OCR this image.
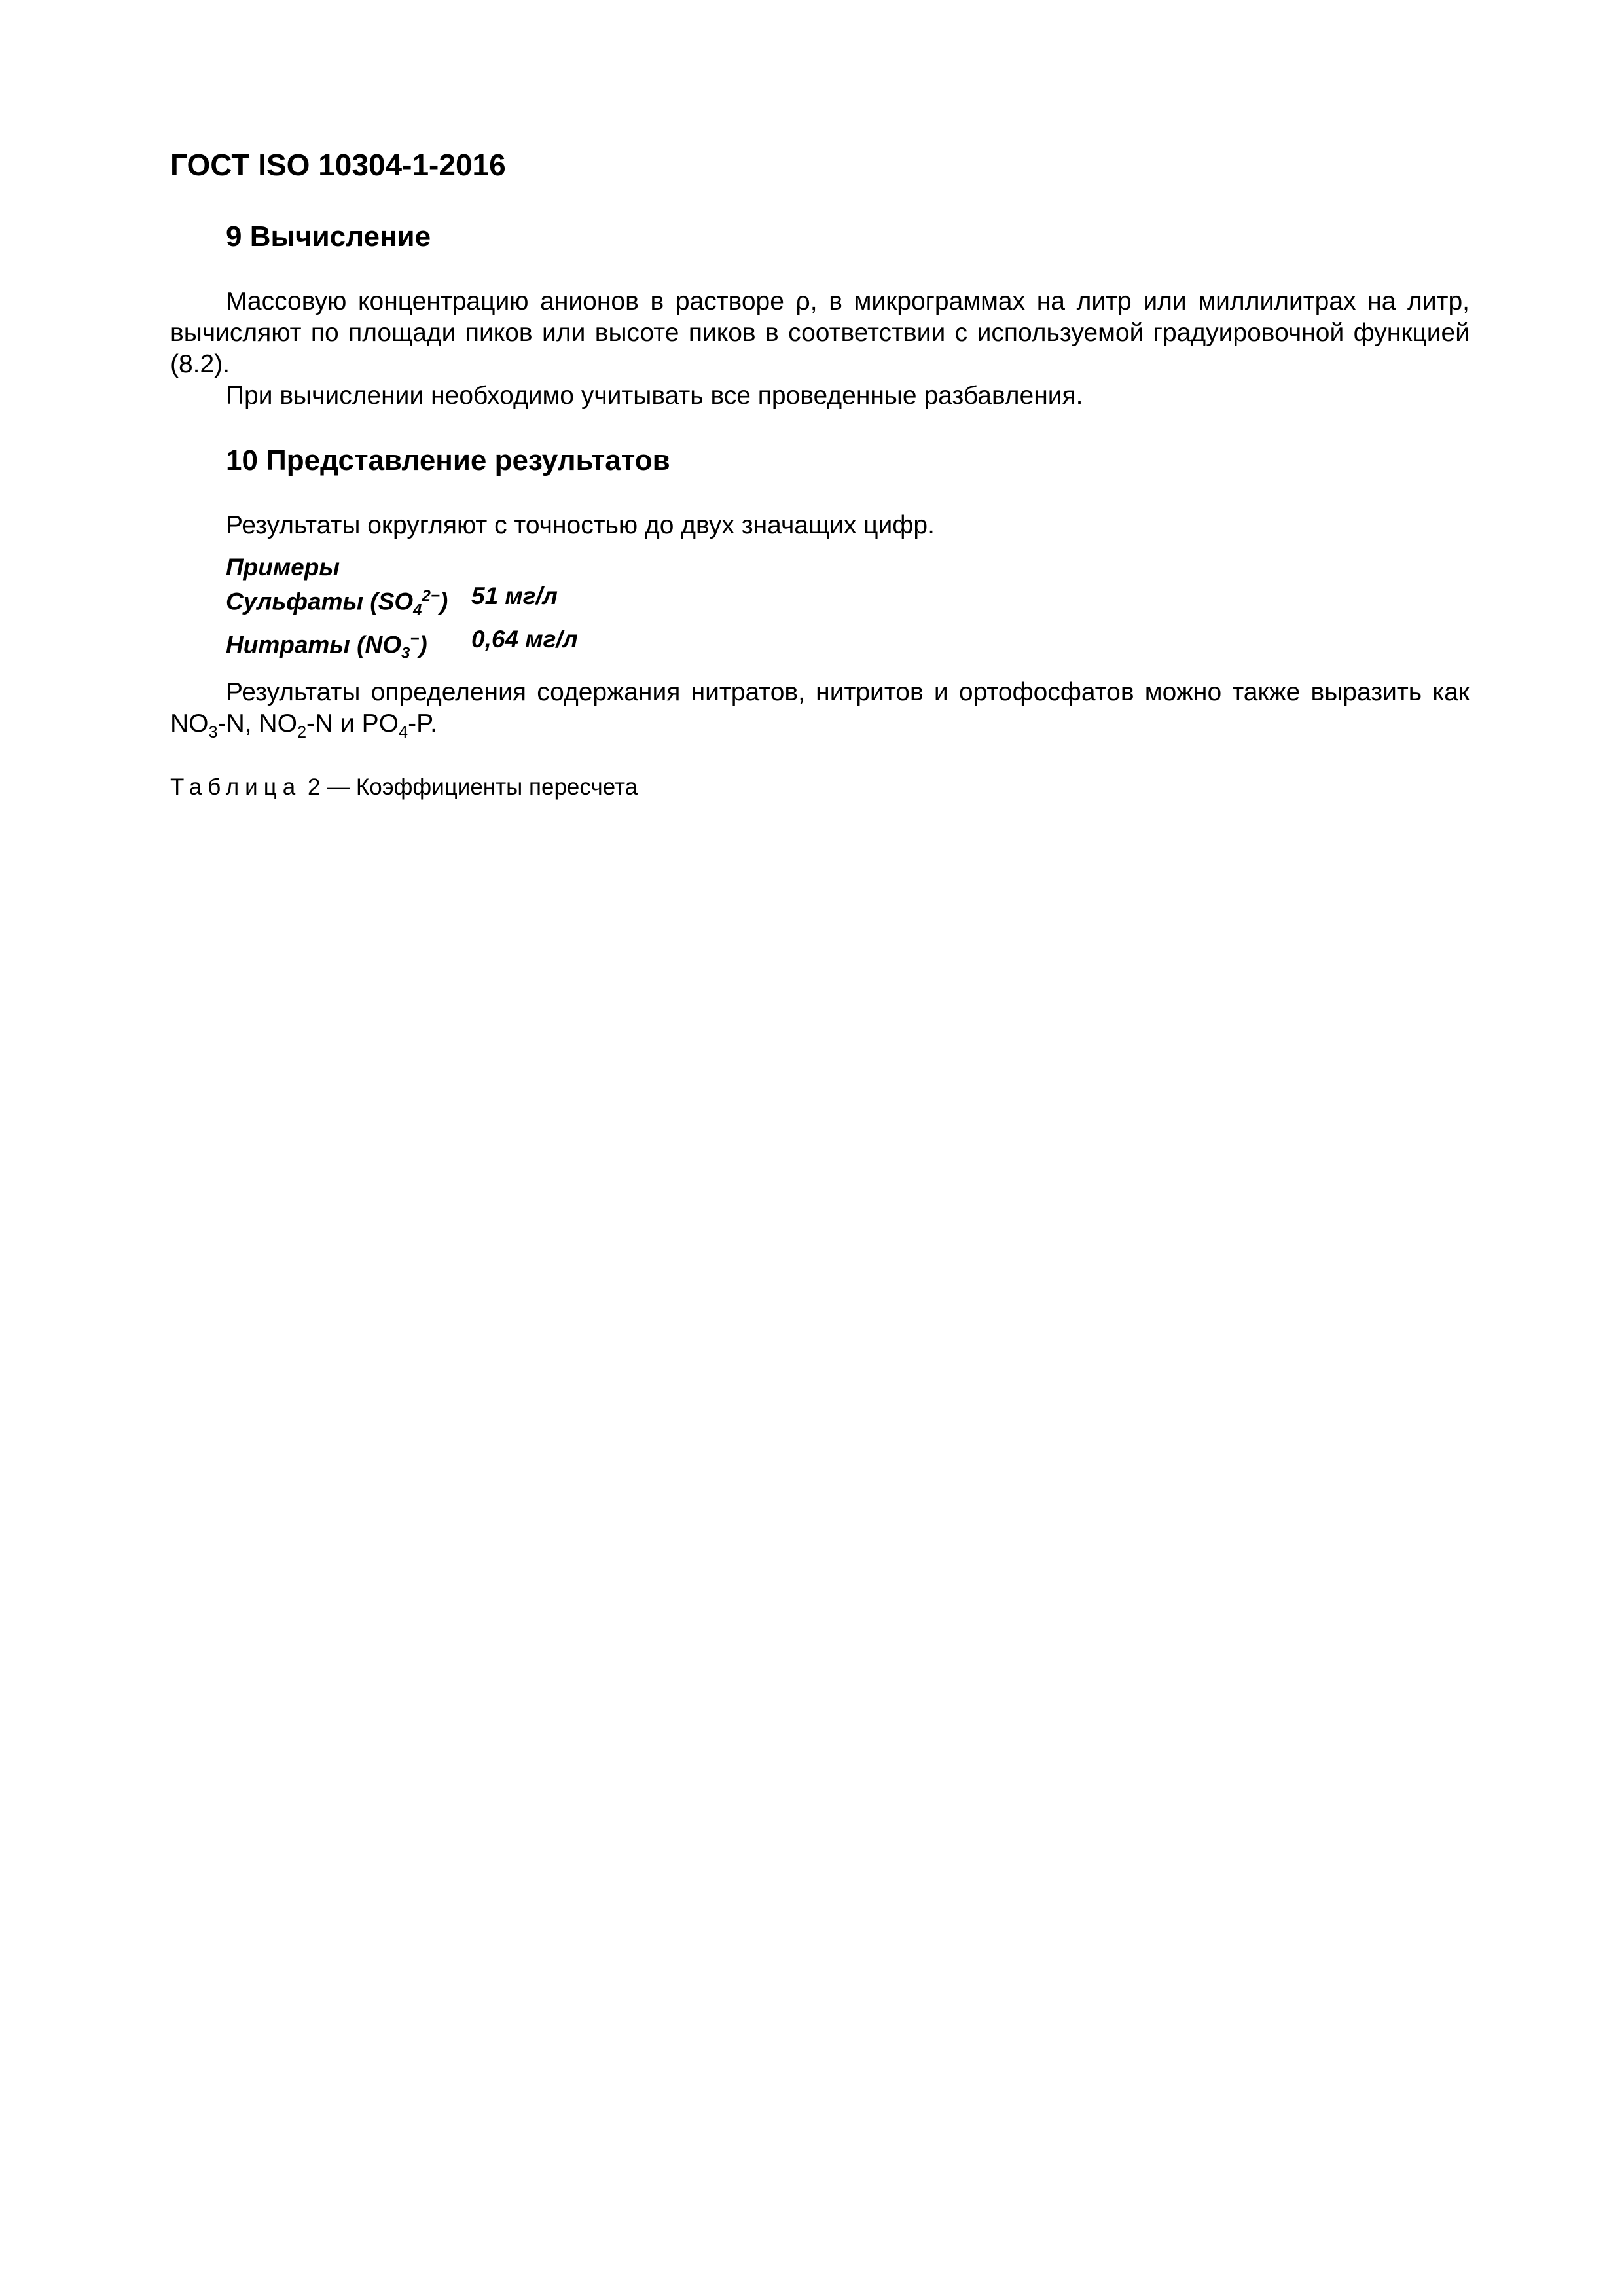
ГОСТ ISO 10304-1-2016
9 Вычисление

Массовую концентрацию анионов в растворе ρ, в микрограммах на литр или миллилитрах на литр, вычисляют по площади пиков или высоте пиков в соответствии с используемой градуировочной функцией (8.2).

При вычислении необходимо учитывать все проведенные разбавления.

10 Представление результатов

Результаты округляют с точностью до двух значащих цифр.

Примеры
Сульфаты $(SO_4^{2-})$ 51 мг/л
Нитраты $(NO_3^-)$	0,64 мг/л

Результаты определения содержания нитратов, нитритов и ортофосфатов можно также выразить как $NO_3-N$, $NO_2-N$ и $PO_4-P$.

Таблица 2 — Коэффициенты пересчета
